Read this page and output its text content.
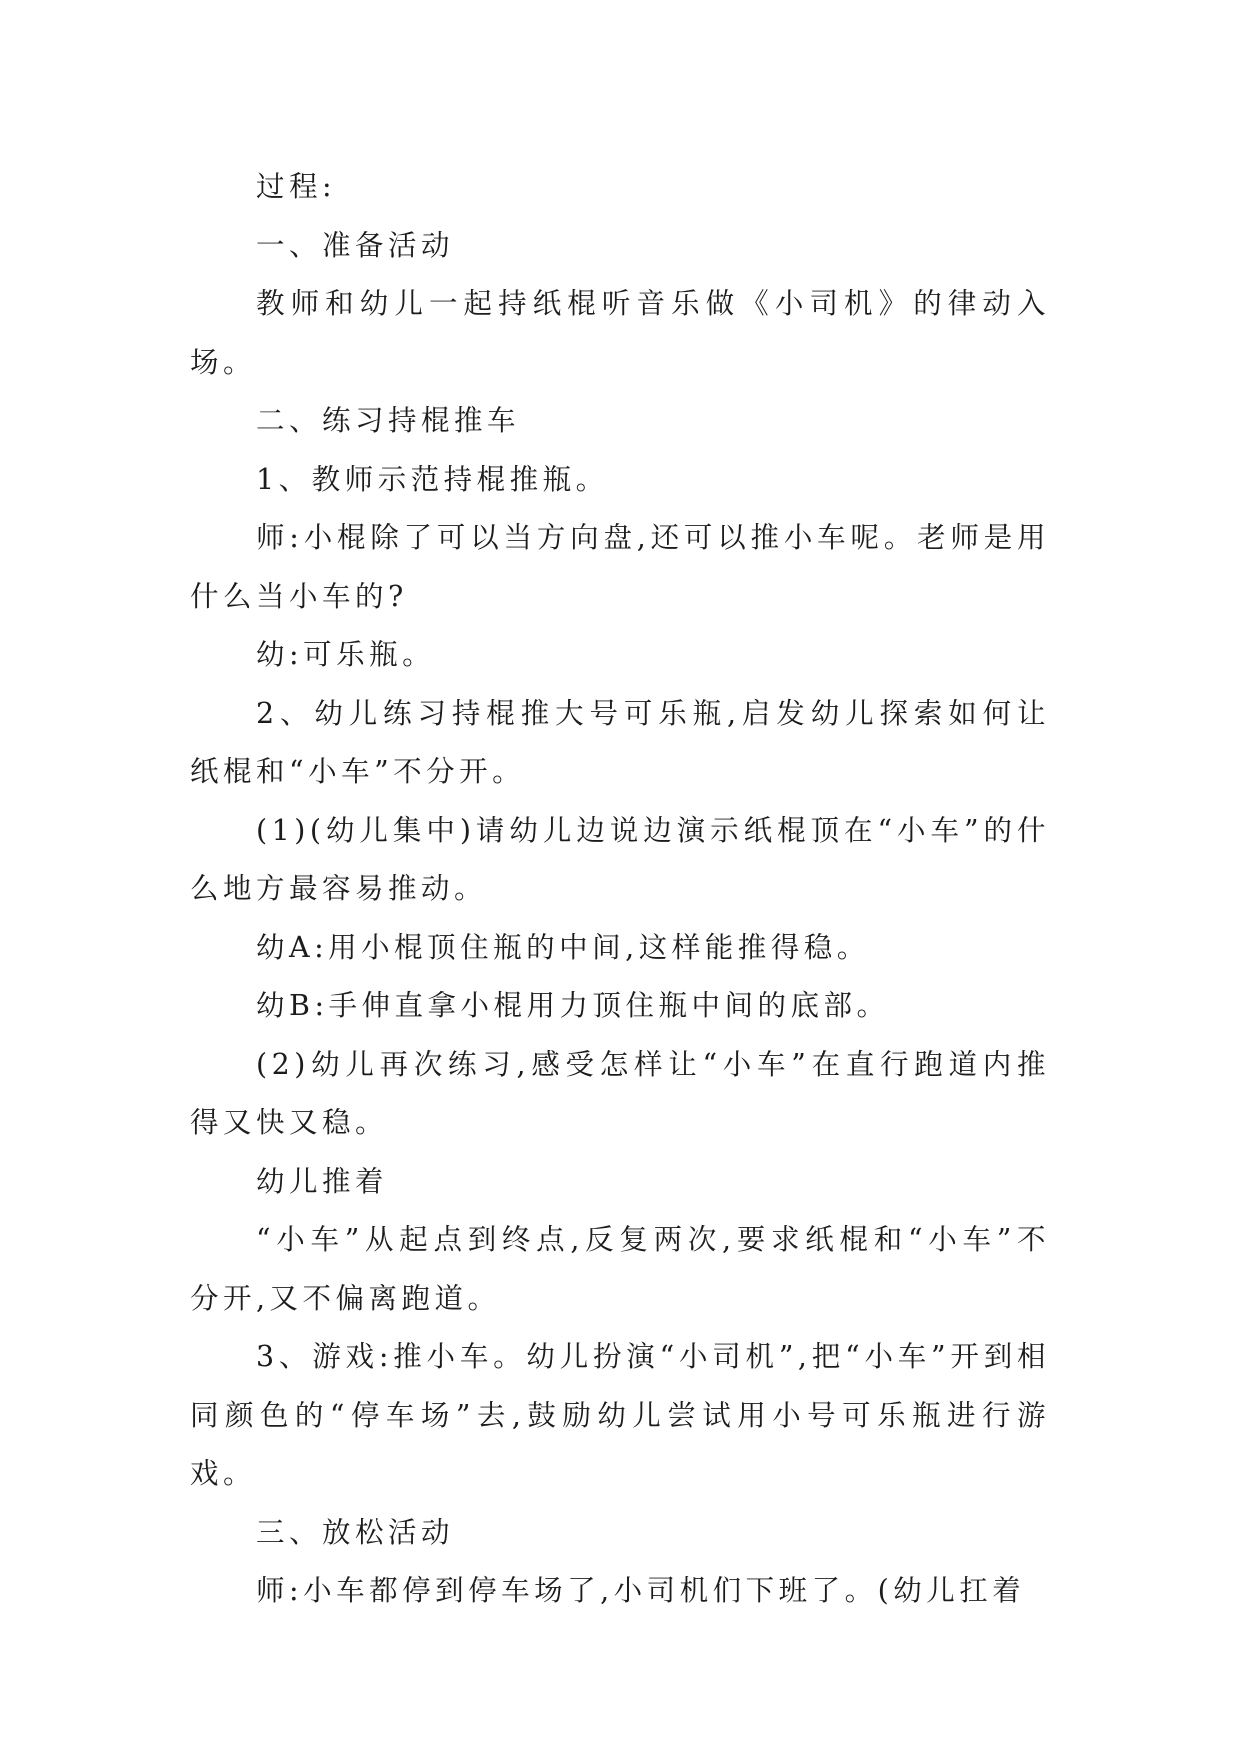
过程:

一、准备活动

教师和幼儿一起持纸棍听音乐做《小司机》的律动入场。

二、练习持棍推车

1、教师示范持棍推瓶。

师:小棍除了可以当方向盘,还可以推小车呢。老师是用什么当小车的?

幼:可乐瓶。

2、幼儿练习持棍推大号可乐瓶,启发幼儿探索如何让纸棍和“小车”不分开。

(1)(幼儿集中)请幼儿边说边演示纸棍顶在“小车”的什么地方最容易推动。

幼A:用小棍顶住瓶的中间,这样能推得稳。

幼B:手伸直拿小棍用力顶住瓶中间的底部。

(2)幼儿再次练习,感受怎样让“小车”在直行跑道内推得又快又稳。

幼儿推着

“小车”从起点到终点,反复两次,要求纸棍和“小车”不分开,又不偏离跑道。

3、游戏:推小车。幼儿扮演“小司机”,把“小车”开到相同颜色的“停车场”去,鼓励幼儿尝试用小号可乐瓶进行游戏。

三、放松活动

师:小车都停到停车场了,小司机们下班了。(幼儿扛着
